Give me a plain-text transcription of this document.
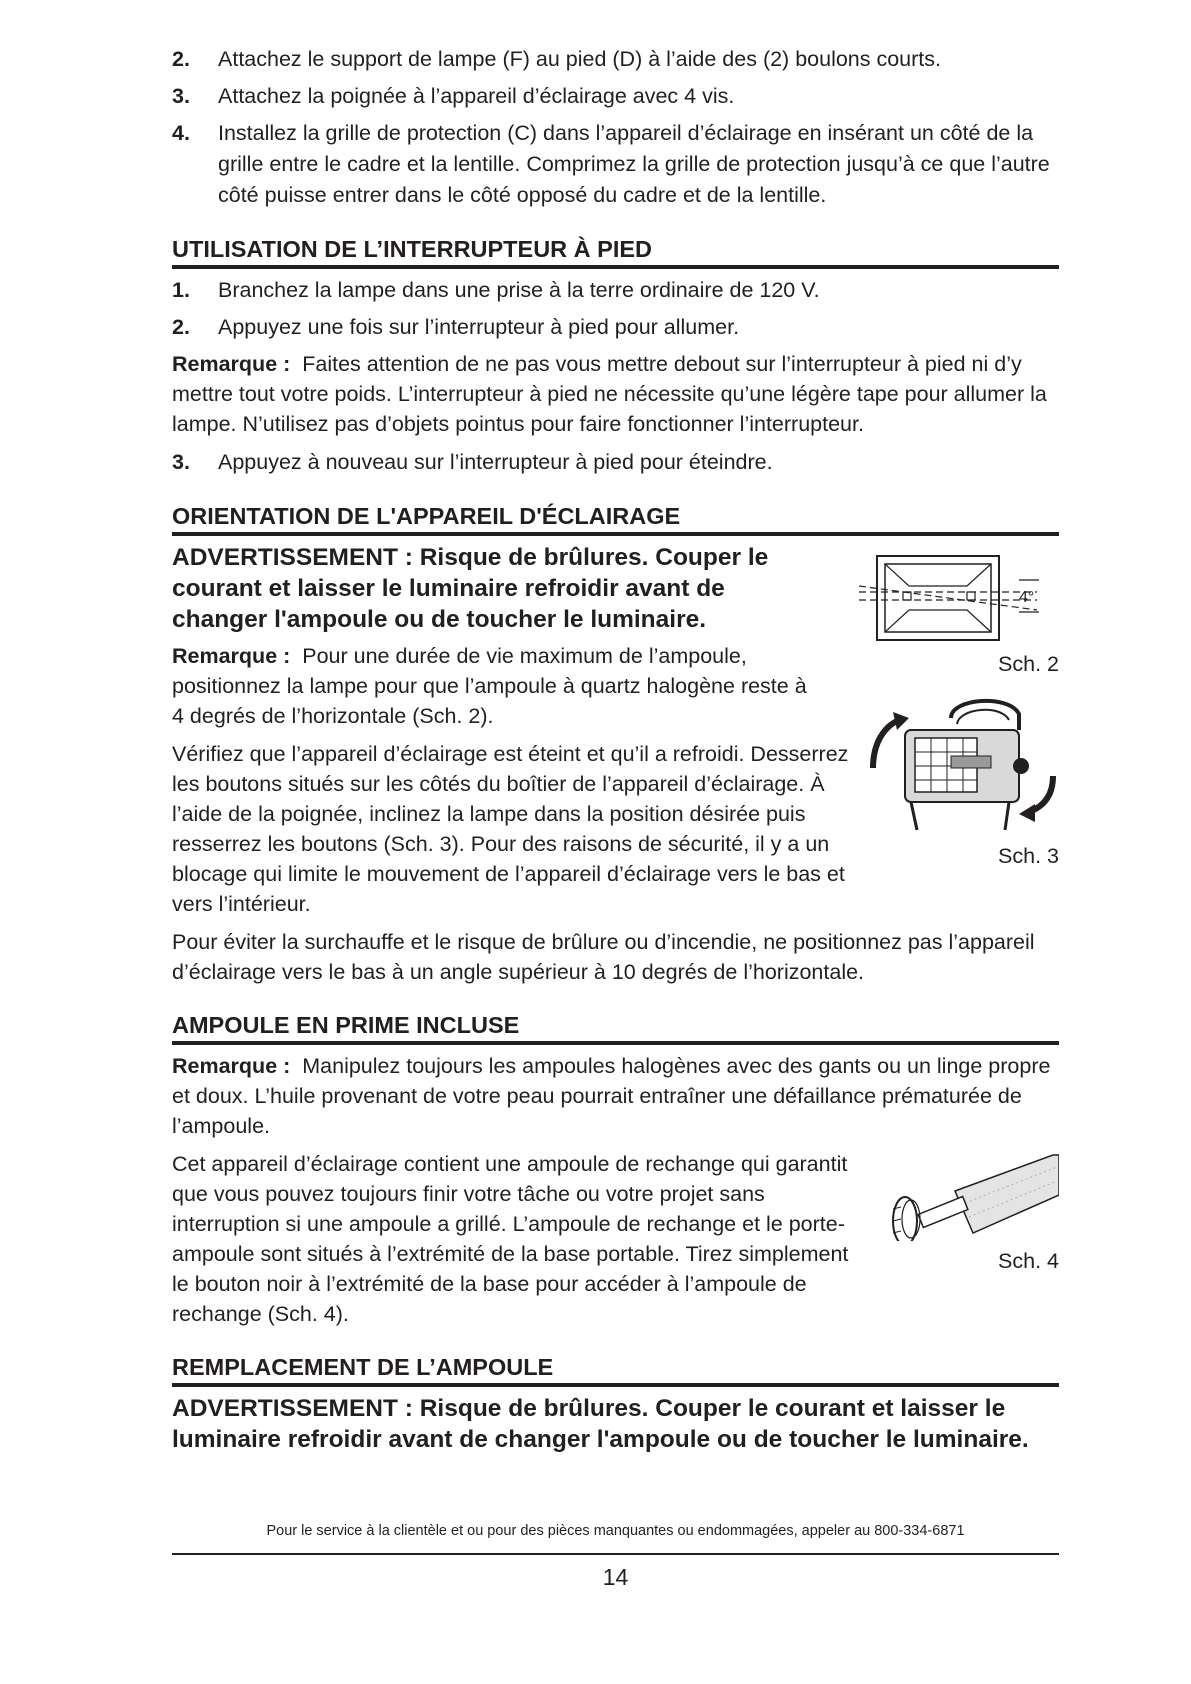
2.	Attachez le support de lampe (F) au pied (D) à l’aide des (2) boulons courts.
3.	Attachez la poignée à l’appareil d’éclairage avec 4 vis.
4.	Installez la grille de protection (C) dans l’appareil d’éclairage en insérant un côté de la grille entre le cadre et la lentille. Comprimez la grille de protection jusqu’à ce que l’autre côté puisse entrer dans le côté opposé du cadre et de la lentille.
UTILISATION DE L’INTERRUPTEUR À PIED
1.	Branchez la lampe dans une prise à la terre ordinaire de 120 V.
2.	Appuyez une fois sur l’interrupteur à pied pour allumer.

Remarque : Faites attention de ne pas vous mettre debout sur l’interrupteur à pied ni d’y mettre tout votre poids. L’interrupteur à pied ne nécessite qu’une légère tape pour allumer la lampe. N’utilisez pas d’objets pointus pour faire fonctionner l’interrupteur.

3.	Appuyez à nouveau sur l’interrupteur à pied pour éteindre.
ORIENTATION DE L'APPAREIL D'ÉCLAIRAGE
4°
Sch. 2
Sch. 3

ADVERTISSEMENT : Risque de brûlures. Couper le courant et laisser le luminaire refroidir avant de changer l'ampoule ou de toucher le luminaire.

Remarque : Pour une durée de vie maximum de l’ampoule, positionnez la lampe pour que l’ampoule à quartz halogène reste à 4 degrés de l’horizontale (Sch. 2).

Vérifiez que l’appareil d’éclairage est éteint et qu’il a refroidi. Desserrez les boutons situés sur les côtés du boîtier de l’appareil d’éclairage. À l’aide de la poignée, inclinez la lampe dans la position désirée puis resserrez les boutons (Sch. 3). Pour des raisons de sécurité, il y a un blocage qui limite le mouvement de l’appareil d’éclairage vers le bas et vers l’intérieur.

Pour éviter la surchauffe et le risque de brûlure ou d’incendie, ne positionnez pas l’appareil d’éclairage vers le bas à un angle supérieur à 10 degrés de l’horizontale.

AMPOULE EN PRIME INCLUSE

Remarque : Manipulez toujours les ampoules halogènes avec des gants ou un linge propre et doux. L’huile provenant de votre peau pourrait entraîner une défaillance prématurée de l’ampoule.

Sch. 4

Cet appareil d’éclairage contient une ampoule de rechange qui garantit que vous pouvez toujours finir votre tâche ou votre projet sans interruption si une ampoule a grillé. L’ampoule de rechange et le porte-ampoule sont situés à l’extrémité de la base portable. Tirez simplement le bouton noir à l’extrémité de la base pour accéder à l’ampoule de rechange (Sch. 4).

REMPLACEMENT DE L’AMPOULE

ADVERTISSEMENT : Risque de brûlures. Couper le courant et laisser le luminaire refroidir avant de changer l'ampoule ou de toucher le luminaire.

Pour le service à la clientèle et ou pour des pièces manquantes ou endommagées, appeler au 800-334-6871
14
